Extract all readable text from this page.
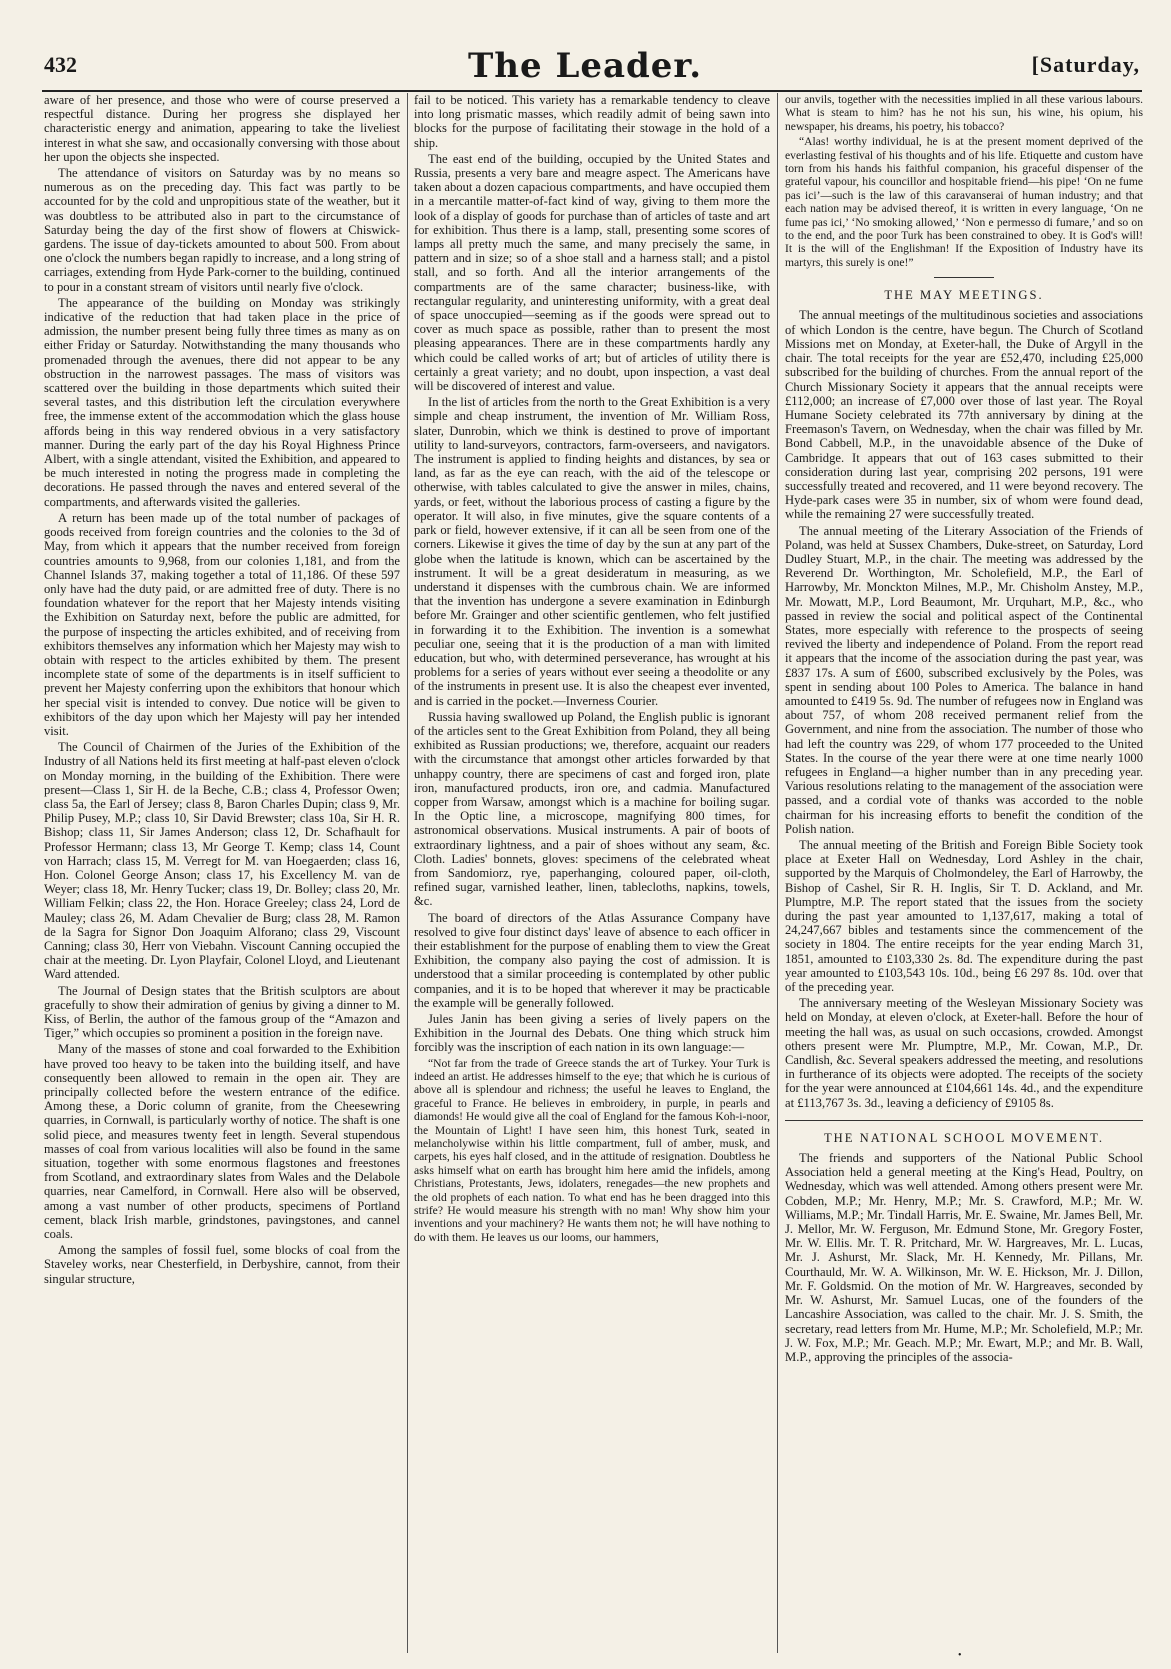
432	The Leader.	[Saturday,

aware of her presence, and those who were of course preserved a respectful distance. During her progress she displayed her characteristic energy and animation, appearing to take the liveliest interest in what she saw, and occasionally conversing with those about her upon the objects she inspected.

The attendance of visitors on Saturday was by no means so numerous as on the preceding day. This fact was partly to be accounted for by the cold and unpropitious state of the weather, but it was doubtless to be attributed also in part to the circumstance of Saturday being the day of the first show of flowers at Chiswick-gardens. The issue of day-tickets amounted to about 500. From about one o'clock the numbers began rapidly to increase, and a long string of carriages, extending from Hyde Park-corner to the building, continued to pour in a constant stream of visitors until nearly five o'clock.

The appearance of the building on Monday was strikingly indicative of the reduction that had taken place in the price of admission, the number present being fully three times as many as on either Friday or Saturday. Notwithstanding the many thousands who promenaded through the avenues, there did not appear to be any obstruction in the narrowest passages. The mass of visitors was scattered over the building in those departments which suited their several tastes, and this distribution left the circulation everywhere free, the immense extent of the accommodation which the glass house affords being in this way rendered obvious in a very satisfactory manner. During the early part of the day his Royal Highness Prince Albert, with a single attendant, visited the Exhibition, and appeared to be much interested in noting the progress made in completing the decorations. He passed through the naves and entered several of the compartments, and afterwards visited the galleries.

A return has been made up of the total number of packages of goods received from foreign countries and the colonies to the 3d of May, from which it appears that the number received from foreign countries amounts to 9,968, from our colonies 1,181, and from the Channel Islands 37, making together a total of 11,186. Of these 597 only have had the duty paid, or are admitted free of duty. There is no foundation whatever for the report that her Majesty intends visiting the Exhibition on Saturday next, before the public are admitted, for the purpose of inspecting the articles exhibited, and of receiving from exhibitors themselves any information which her Majesty may wish to obtain with respect to the articles exhibited by them. The present incomplete state of some of the departments is in itself sufficient to prevent her Majesty conferring upon the exhibitors that honour which her special visit is intended to convey. Due notice will be given to exhibitors of the day upon which her Majesty will pay her intended visit.

The Council of Chairmen of the Juries of the Exhibition of the Industry of all Nations held its first meeting at half-past eleven o'clock on Monday morning, in the building of the Exhibition. There were present—Class 1, Sir H. de la Beche, C.B.; class 4, Professor Owen; class 5a, the Earl of Jersey; class 8, Baron Charles Dupin; class 9, Mr. Philip Pusey, M.P.; class 10, Sir David Brewster; class 10a, Sir H. R. Bishop; class 11, Sir James Anderson; class 12, Dr. Schafhault for Professor Hermann; class 13, Mr George T. Kemp; class 14, Count von Harrach; class 15, M. Verregt for M. van Hoegaerden; class 16, Hon. Colonel George Anson; class 17, his Excellency M. van de Weyer; class 18, Mr. Henry Tucker; class 19, Dr. Bolley; class 20, Mr. William Felkin; class 22, the Hon. Horace Greeley; class 24, Lord de Mauley; class 26, M. Adam Chevalier de Burg; class 28, M. Ramon de la Sagra for Signor Don Joaquim Alforano; class 29, Viscount Canning; class 30, Herr von Viebahn. Viscount Canning occupied the chair at the meeting. Dr. Lyon Playfair, Colonel Lloyd, and Lieutenant Ward attended.

The Journal of Design states that the British sculptors are about gracefully to show their admiration of genius by giving a dinner to M. Kiss, of Berlin, the author of the famous group of the “Amazon and Tiger,” which occupies so prominent a position in the foreign nave.

Many of the masses of stone and coal forwarded to the Exhibition have proved too heavy to be taken into the building itself, and have consequently been allowed to remain in the open air. They are principally collected before the western entrance of the edifice. Among these, a Doric column of granite, from the Cheesewring quarries, in Cornwall, is particularly worthy of notice. The shaft is one solid piece, and measures twenty feet in length. Several stupendous masses of coal from various localities will also be found in the same situation, together with some enormous flagstones and freestones from Scotland, and extraordinary slates from Wales and the Delabole quarries, near Camelford, in Cornwall. Here also will be observed, among a vast number of other products, specimens of Portland cement, black Irish marble, grindstones, pavingstones, and cannel coals.

Among the samples of fossil fuel, some blocks of coal from the Staveley works, near Chesterfield, in Derbyshire, cannot, from their singular structure,

fail to be noticed. This variety has a remarkable tendency to cleave into long prismatic masses, which readily admit of being sawn into blocks for the purpose of facilitating their stowage in the hold of a ship.

The east end of the building, occupied by the United States and Russia, presents a very bare and meagre aspect. The Americans have taken about a dozen capacious compartments, and have occupied them in a mercantile matter-of-fact kind of way, giving to them more the look of a display of goods for purchase than of articles of taste and art for exhibition. Thus there is a lamp, stall, presenting some scores of lamps all pretty much the same, and many precisely the same, in pattern and in size; so of a shoe stall and a harness stall; and a pistol stall, and so forth. And all the interior arrangements of the compartments are of the same character; business-like, with rectangular regularity, and uninteresting uniformity, with a great deal of space unoccupied—seeming as if the goods were spread out to cover as much space as possible, rather than to present the most pleasing appearances. There are in these compartments hardly any which could be called works of art; but of articles of utility there is certainly a great variety; and no doubt, upon inspection, a vast deal will be discovered of interest and value.

In the list of articles from the north to the Great Exhibition is a very simple and cheap instrument, the invention of Mr. William Ross, slater, Dunrobin, which we think is destined to prove of important utility to land-surveyors, contractors, farm-overseers, and navigators. The instrument is applied to finding heights and distances, by sea or land, as far as the eye can reach, with the aid of the telescope or otherwise, with tables calculated to give the answer in miles, chains, yards, or feet, without the laborious process of casting a figure by the operator. It will also, in five minutes, give the square contents of a park or field, however extensive, if it can all be seen from one of the corners. Likewise it gives the time of day by the sun at any part of the globe when the latitude is known, which can be ascertained by the instrument. It will be a great desideratum in measuring, as we understand it dispenses with the cumbrous chain. We are informed that the invention has undergone a severe examination in Edinburgh before Mr. Grainger and other scientific gentlemen, who felt justified in forwarding it to the Exhibition. The invention is a somewhat peculiar one, seeing that it is the production of a man with limited education, but who, with determined perseverance, has wrought at his problems for a series of years without ever seeing a theodolite or any of the instruments in present use. It is also the cheapest ever invented, and is carried in the pocket.—Inverness Courier.

Russia having swallowed up Poland, the English public is ignorant of the articles sent to the Great Exhibition from Poland, they all being exhibited as Russian productions; we, therefore, acquaint our readers with the circumstance that amongst other articles forwarded by that unhappy country, there are specimens of cast and forged iron, plate iron, manufactured products, iron ore, and cadmia. Manufactured copper from Warsaw, amongst which is a machine for boiling sugar. In the Optic line, a microscope, magnifying 800 times, for astronomical observations. Musical instruments. A pair of boots of extraordinary lightness, and a pair of shoes without any seam, &c. Cloth. Ladies' bonnets, gloves: specimens of the celebrated wheat from Sandomiorz, rye, paperhanging, coloured paper, oil-cloth, refined sugar, varnished leather, linen, tablecloths, napkins, towels, &c.

The board of directors of the Atlas Assurance Company have resolved to give four distinct days' leave of absence to each officer in their establishment for the purpose of enabling them to view the Great Exhibition, the company also paying the cost of admission. It is understood that a similar proceeding is contemplated by other public companies, and it is to be hoped that wherever it may be practicable the example will be generally followed.

Jules Janin has been giving a series of lively papers on the Exhibition in the Journal des Debats. One thing which struck him forcibly was the inscription of each nation in its own language:—

“Not far from the trade of Greece stands the art of Turkey. Your Turk is indeed an artist. He addresses himself to the eye; that which he is curious of above all is splendour and richness; the useful he leaves to England, the graceful to France. He believes in embroidery, in purple, in pearls and diamonds! He would give all the coal of England for the famous Koh-i-noor, the Mountain of Light! I have seen him, this honest Turk, seated in melancholywise within his little compartment, full of amber, musk, and carpets, his eyes half closed, and in the attitude of resignation. Doubtless he asks himself what on earth has brought him here amid the infidels, among Christians, Protestants, Jews, idolaters, renegades—the new prophets and the old prophets of each nation. To what end has he been dragged into this strife? He would measure his strength with no man! Why show him your inventions and your machinery? He wants them not; he will have nothing to do with them. He leaves us our looms, our hammers,

our anvils, together with the necessities implied in all these various labours. What is steam to him? has he not his sun, his wine, his opium, his newspaper, his dreams, his poetry, his tobacco?

“Alas! worthy individual, he is at the present moment deprived of the everlasting festival of his thoughts and of his life. Etiquette and custom have torn from his hands his faithful companion, his graceful dispenser of the grateful vapour, his councillor and hospitable friend—his pipe! ‘On ne fume pas ici’—such is the law of this caravanserai of human industry; and that each nation may be advised thereof, it is written in every language, ‘On ne fume pas ici,’ ‘No smoking allowed,’ ‘Non e permesso di fumare,’ and so on to the end, and the poor Turk has been constrained to obey. It is God's will! It is the will of the Englishman! If the Exposition of Industry have its martyrs, this surely is one!”

THE MAY MEETINGS.

The annual meetings of the multitudinous societies and associations of which London is the centre, have begun. The Church of Scotland Missions met on Monday, at Exeter-hall, the Duke of Argyll in the chair. The total receipts for the year are £52,470, including £25,000 subscribed for the building of churches. From the annual report of the Church Missionary Society it appears that the annual receipts were £112,000; an increase of £7,000 over those of last year. The Royal Humane Society celebrated its 77th anniversary by dining at the Freemason's Tavern, on Wednesday, when the chair was filled by Mr. Bond Cabbell, M.P., in the unavoidable absence of the Duke of Cambridge. It appears that out of 163 cases submitted to their consideration during last year, comprising 202 persons, 191 were successfully treated and recovered, and 11 were beyond recovery. The Hyde-park cases were 35 in number, six of whom were found dead, while the remaining 27 were successfully treated.

The annual meeting of the Literary Association of the Friends of Poland, was held at Sussex Chambers, Duke-street, on Saturday, Lord Dudley Stuart, M.P., in the chair. The meeting was addressed by the Reverend Dr. Worthington, Mr. Scholefield, M.P., the Earl of Harrowby, Mr. Monckton Milnes, M.P., Mr. Chisholm Anstey, M.P., Mr. Mowatt, M.P., Lord Beaumont, Mr. Urquhart, M.P., &c., who passed in review the social and political aspect of the Continental States, more especially with reference to the prospects of seeing revived the liberty and independence of Poland. From the report read it appears that the income of the association during the past year, was £837 17s. A sum of £600, subscribed exclusively by the Poles, was spent in sending about 100 Poles to America. The balance in hand amounted to £419 5s. 9d. The number of refugees now in England was about 757, of whom 208 received permanent relief from the Government, and nine from the association. The number of those who had left the country was 229, of whom 177 proceeded to the United States. In the course of the year there were at one time nearly 1000 refugees in England—a higher number than in any preceding year. Various resolutions relating to the management of the association were passed, and a cordial vote of thanks was accorded to the noble chairman for his increasing efforts to benefit the condition of the Polish nation.

The annual meeting of the British and Foreign Bible Society took place at Exeter Hall on Wednesday, Lord Ashley in the chair, supported by the Marquis of Cholmondeley, the Earl of Harrowby, the Bishop of Cashel, Sir R. H. Inglis, Sir T. D. Ackland, and Mr. Plumptre, M.P. The report stated that the issues from the society during the past year amounted to 1,137,617, making a total of 24,247,667 bibles and testaments since the commencement of the society in 1804. The entire receipts for the year ending March 31, 1851, amounted to £103,330 2s. 8d. The expenditure during the past year amounted to £103,543 10s. 10d., being £6 297 8s. 10d. over that of the preceding year.

The anniversary meeting of the Wesleyan Missionary Society was held on Monday, at eleven o'clock, at Exeter-hall. Before the hour of meeting the hall was, as usual on such occasions, crowded. Amongst others present were Mr. Plumptre, M.P., Mr. Cowan, M.P., Dr. Candlish, &c. Several speakers addressed the meeting, and resolutions in furtherance of its objects were adopted. The receipts of the society for the year were announced at £104,661 14s. 4d., and the expenditure at £113,767 3s. 3d., leaving a deficiency of £9105 8s.

THE NATIONAL SCHOOL MOVEMENT.

The friends and supporters of the National Public School Association held a general meeting at the King's Head, Poultry, on Wednesday, which was well attended. Among others present were Mr. Cobden, M.P.; Mr. Henry, M.P.; Mr. S. Crawford, M.P.; Mr. W. Williams, M.P.; Mr. Tindall Harris, Mr. E. Swaine, Mr. James Bell, Mr. J. Mellor, Mr. W. Ferguson, Mr. Edmund Stone, Mr. Gregory Foster, Mr. W. Ellis. Mr. T. R. Pritchard, Mr. W. Hargreaves, Mr. L. Lucas, Mr. J. Ashurst, Mr. Slack, Mr. H. Kennedy, Mr. Pillans, Mr. Courthauld, Mr. W. A. Wilkinson, Mr. W. E. Hickson, Mr. J. Dillon, Mr. F. Goldsmid. On the motion of Mr. W. Hargreaves, seconded by Mr. W. Ashurst, Mr. Samuel Lucas, one of the founders of the Lancashire Association, was called to the chair. Mr. J. S. Smith, the secretary, read letters from Mr. Hume, M.P.; Mr. Scholefield, M.P.; Mr. J. W. Fox, M.P.; Mr. Geach. M.P.; Mr. Ewart, M.P.; and Mr. B. Wall, M.P., approving the principles of the associa-

•
